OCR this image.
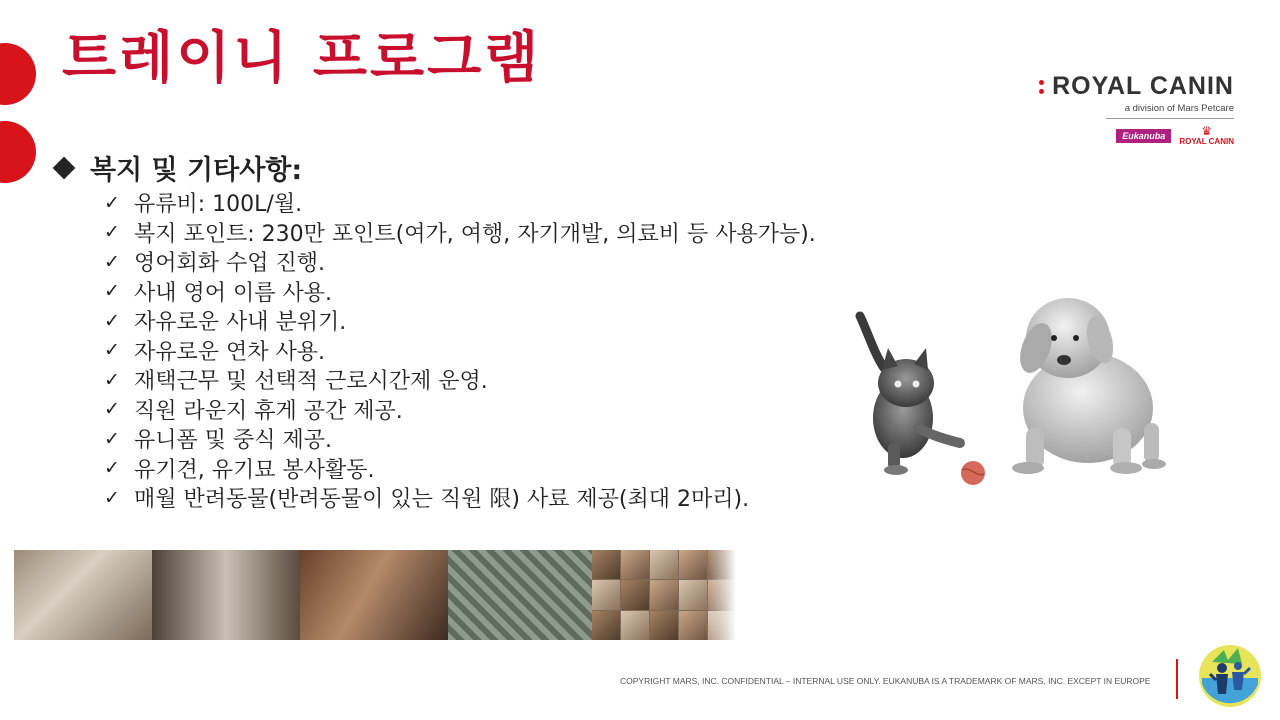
트레이니 프로그램	ROYAL CANIN
a division of Mars Petcare
Eukanuba	♛
ROYAL CANIN
복지 및 기타사항:
✓ 유류비: 100L/월.
✓ 복지 포인트: 230만 포인트(여가, 여행, 자기개발, 의료비 등 사용가능).
✓ 영어회화 수업 진행.
✓ 사내 영어 이름 사용.
✓ 자유로운 사내 분위기.
✓ 자유로운 연차 사용.
✓ 재택근무 및 선택적 근로시간제 운영.
✓ 직원 라운지 휴게 공간 제공.
✓ 유니폼 및 중식 제공.
✓ 유기견, 유기묘 봉사활동.
✓ 매월 반려동물(반려동물이 있는 직원 限) 사료 제공(최대 2마리).
COPYRIGHT MARS, INC. CONFIDENTIAL – INTERNAL USE ONLY. EUKANUBA IS A TRADEMARK OF MARS, INC. EXCEPT IN EUROPE
